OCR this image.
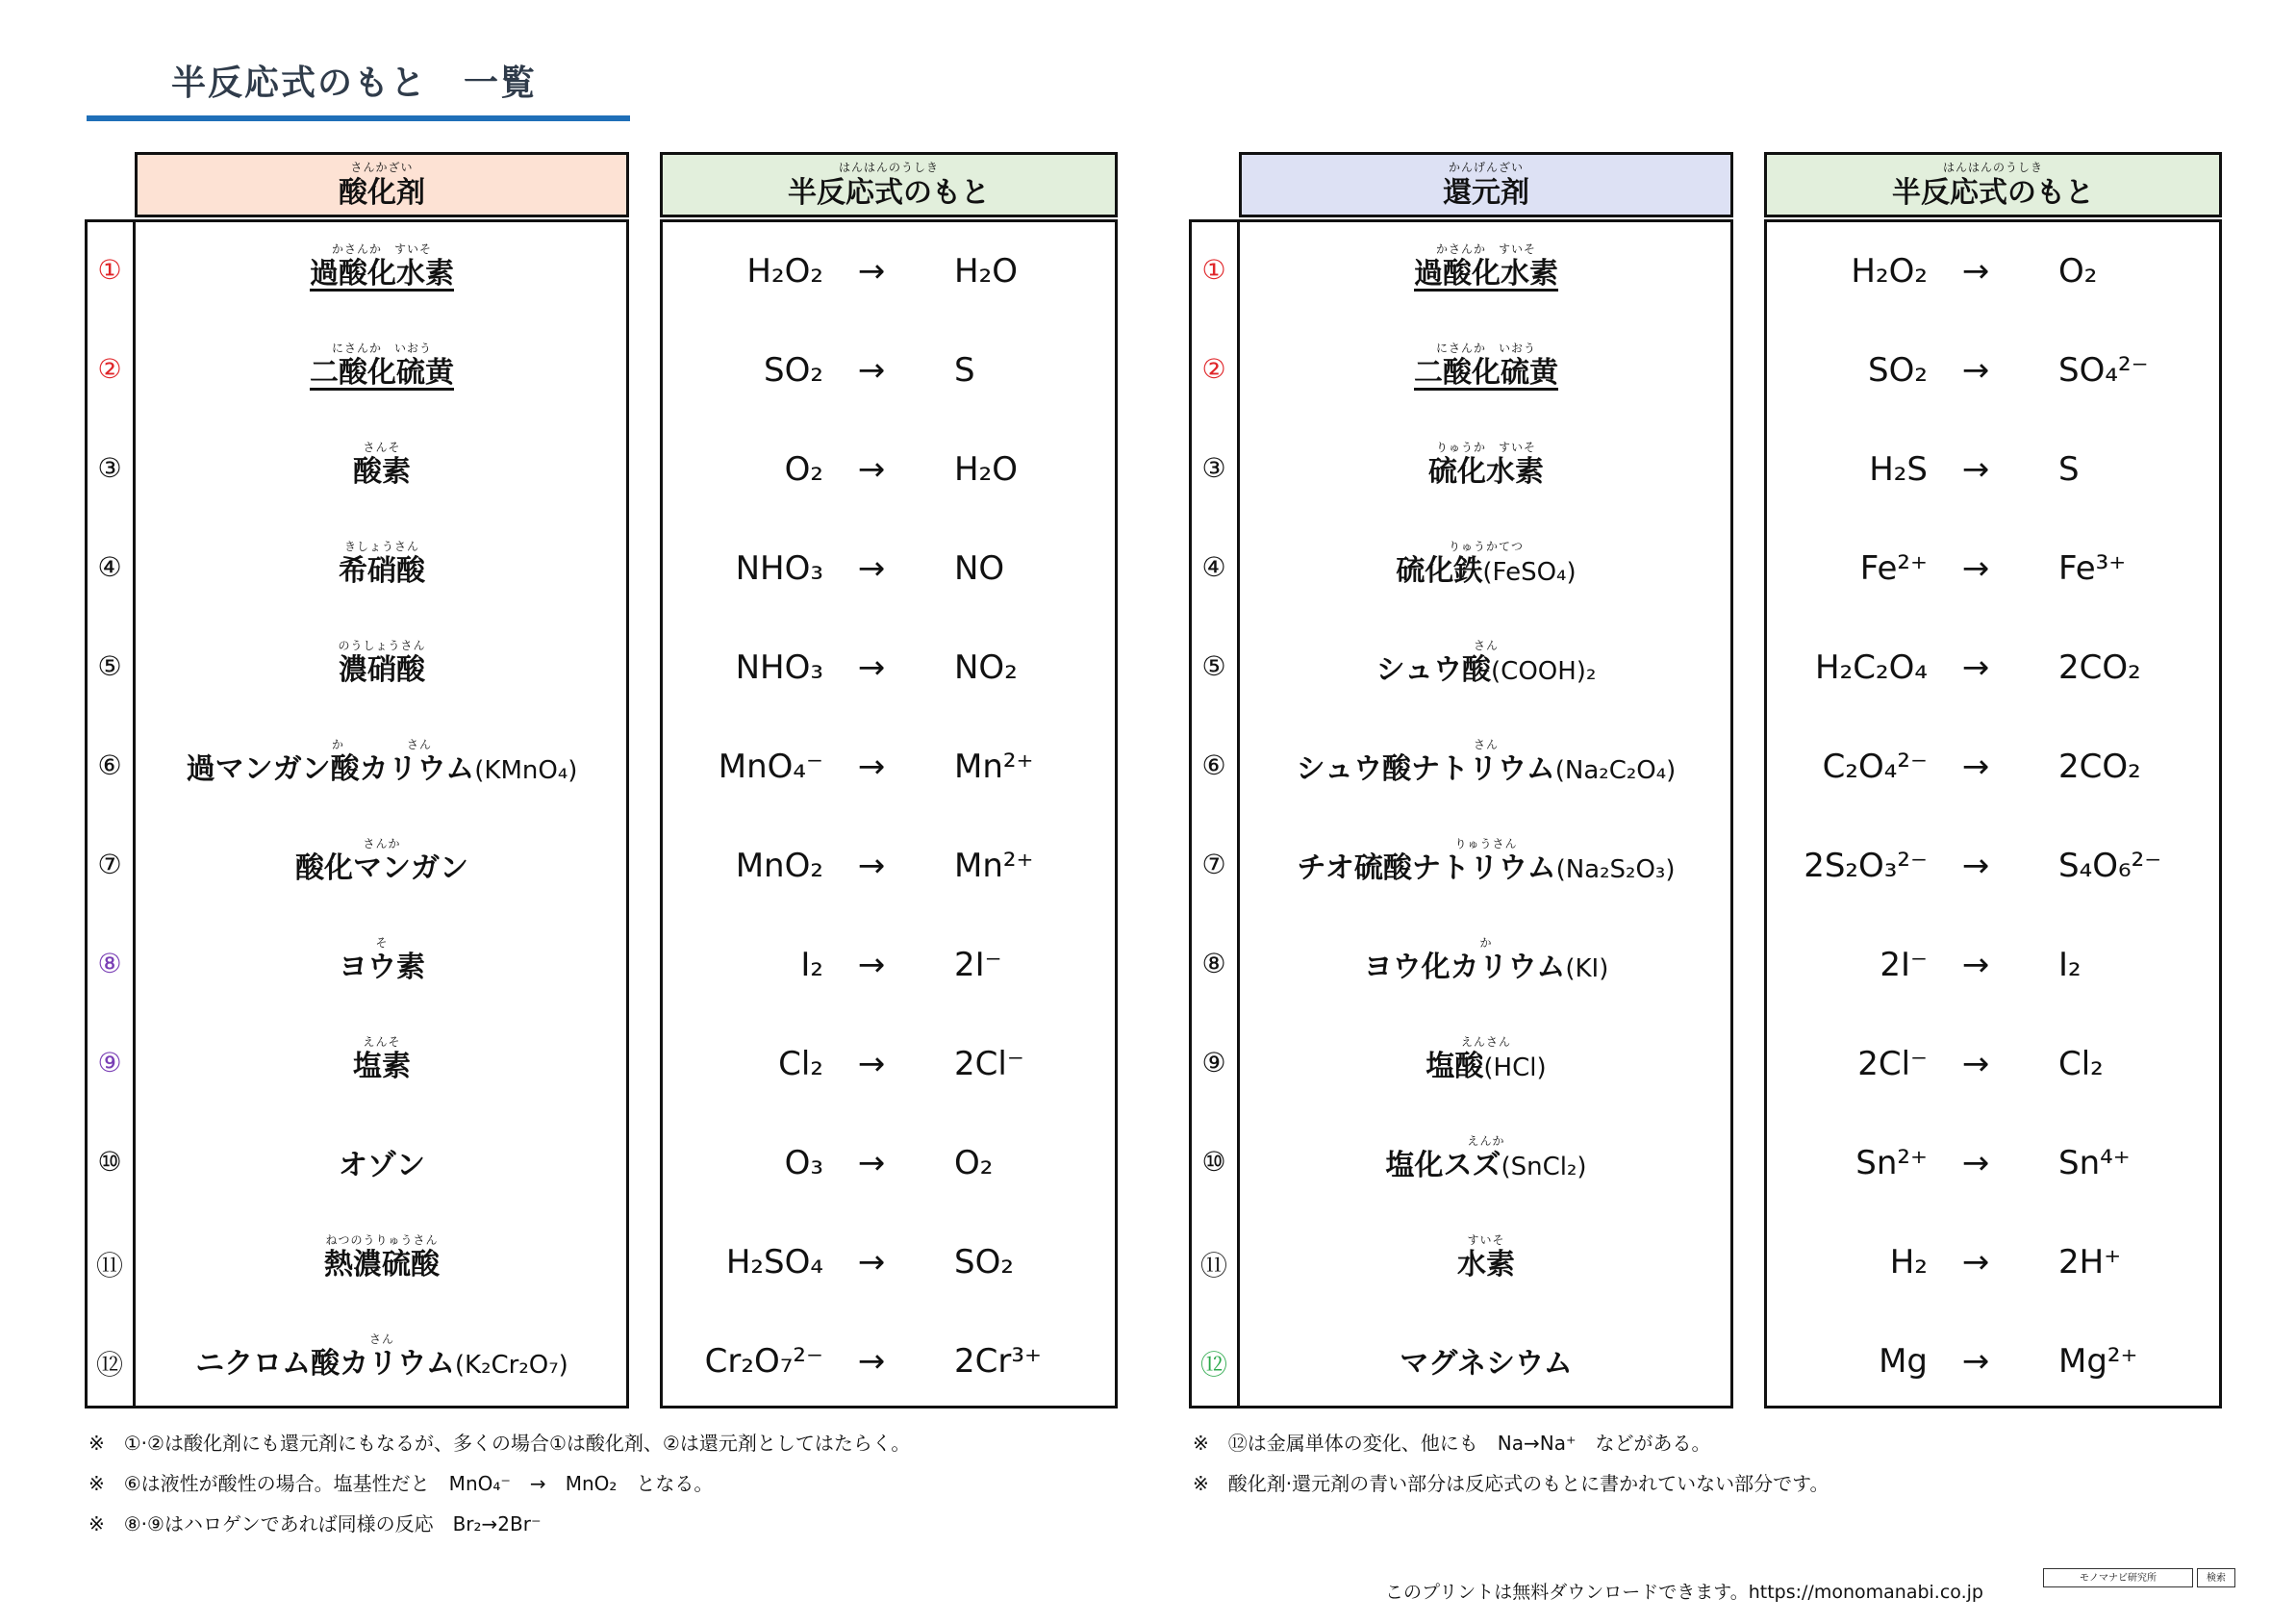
半反応式のもと　一覧
さんかざい
酸化剤
はんはんのうしき
半反応式のもと
かんげんざい
還元剤
はんはんのうしき
半反応式のもと
①
かさんか　すいそ
過酸化水素	H₂O₂	→	H₂O
②
にさんか　いおう
二酸化硫黄	SO₂	→	S
③
さんそ
酸素	O₂	→	H₂O
④
きしょうさん
希硝酸	NHO₃	→	NO
⑤
のうしょうさん
濃硝酸	NHO₃	→	NO₂
⑥
か　　　　　さん
過マンガン酸カリウム(KMnO₄)	MnO₄⁻	→	Mn²⁺
⑦
さんか
酸化マンガン	MnO₂	→	Mn²⁺
⑧
そ
ヨウ素	I₂	→	2I⁻
⑨
えんそ
塩素	Cl₂	→	2Cl⁻
⑩	オゾン	O₃	→	O₂
⑪
ねつのうりゅうさん
熱濃硫酸	H₂SO₄	→	SO₂
⑫
さん
ニクロム酸カリウム(K₂Cr₂O₇)	Cr₂O₇²⁻	→	2Cr³⁺
①
かさんか　すいそ
過酸化水素	H₂O₂	→	O₂
②
にさんか　いおう
二酸化硫黄	SO₂	→	SO₄²⁻
③
りゅうか　すいそ
硫化水素	H₂S	→	S
④
りゅうかてつ
硫化鉄(FeSO₄)	Fe²⁺	→	Fe³⁺
⑤
さん
シュウ酸(COOH)₂	H₂C₂O₄	→	2CO₂
⑥
さん
シュウ酸ナトリウム(Na₂C₂O₄)	C₂O₄²⁻	→	2CO₂
⑦
りゅうさん
チオ硫酸ナトリウム(Na₂S₂O₃)	2S₂O₃²⁻	→	S₄O₆²⁻
⑧
か
ヨウ化カリウム(KI)	2I⁻	→	I₂
⑨
えんさん
塩酸(HCl)	2Cl⁻	→	Cl₂
⑩
えんか
塩化スズ(SnCl₂)	Sn²⁺	→	Sn⁴⁺
⑪
すいそ
水素	H₂	→	2H⁺
⑫	マグネシウム	Mg	→	Mg²⁺
※　①·②は酸化剤にも還元剤にもなるが、多くの場合①は酸化剤、②は還元剤としてはたらく。
※　⑥は液性が酸性の場合。塩基性だと　MnO₄⁻　→　MnO₂　となる。
※　⑧·⑨はハロゲンであれば同様の反応　Br₂→2Br⁻
※　⑫は金属単体の変化、他にも　Na→Na⁺　などがある。
※　酸化剤·還元剤の青い部分は反応式のもとに書かれていない部分です。
このプリントは無料ダウンロードできます。https://monomanabi.co.jp
モノマナビ研究所	検索
